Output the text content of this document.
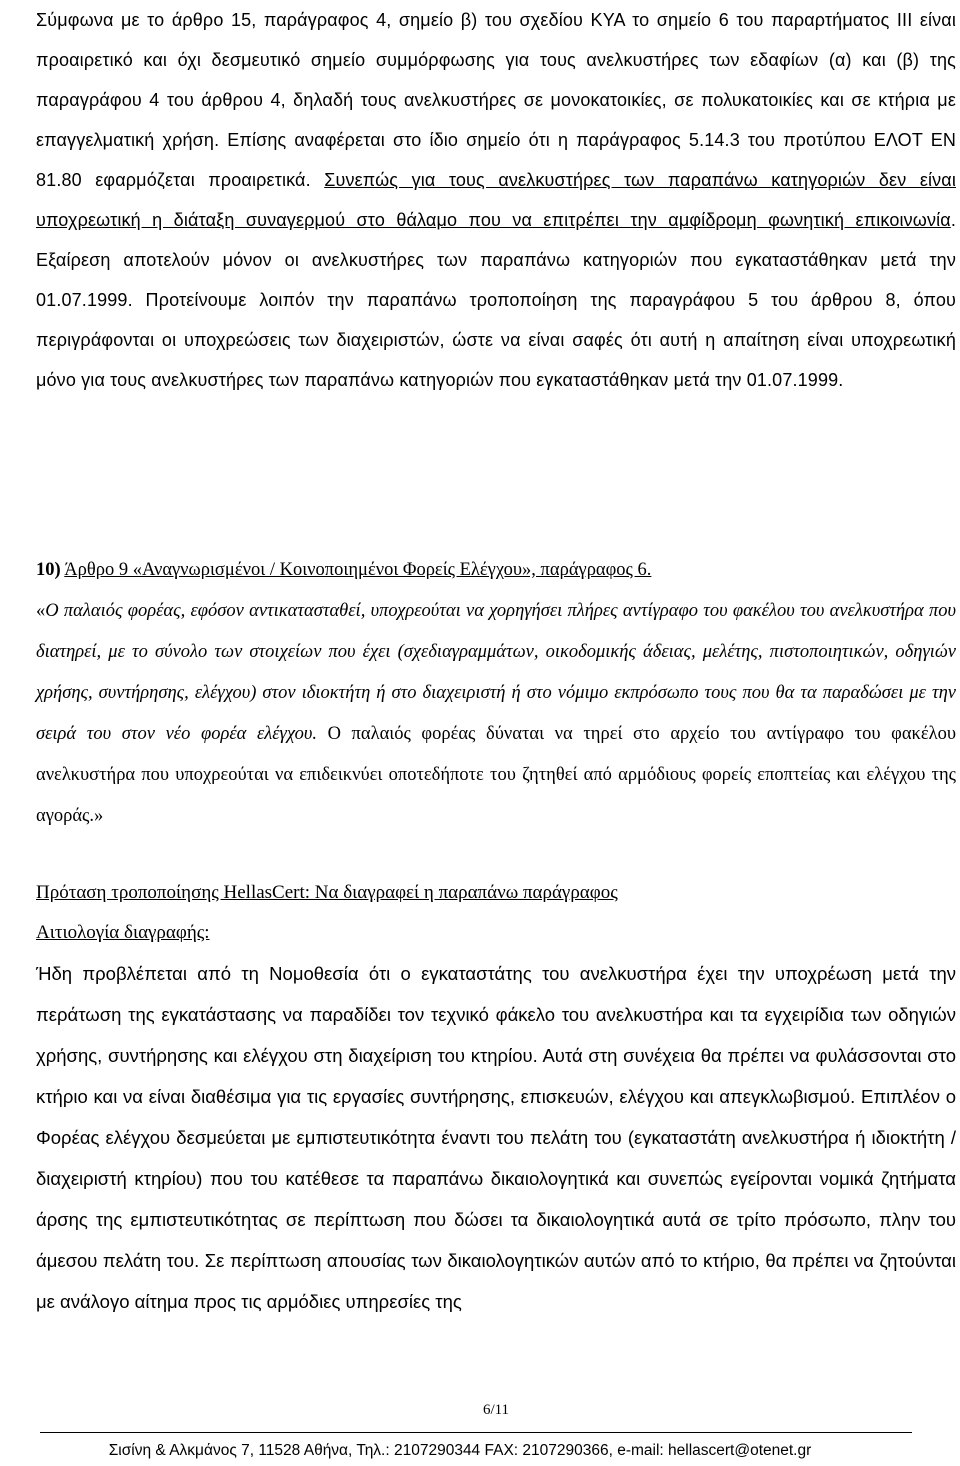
Σύμφωνα με το άρθρο 15, παράγραφος 4, σημείο β) του σχεδίου ΚΥΑ το σημείο 6 του παραρτήματος ΙΙΙ είναι προαιρετικό και όχι δεσμευτικό σημείο συμμόρφωσης για τους ανελκυστήρες των εδαφίων (α) και (β) της παραγράφου 4 του άρθρου 4, δηλαδή τους ανελκυστήρες σε μονοκατοικίες, σε πολυκατοικίες και σε κτήρια με επαγγελματική χρήση. Επίσης αναφέρεται στο ίδιο σημείο ότι η παράγραφος 5.14.3 του προτύπου ΕΛΟΤ ΕΝ 81.80 εφαρμόζεται προαιρετικά. Συνεπώς για τους ανελκυστήρες των παραπάνω κατηγοριών δεν είναι υποχρεωτική η διάταξη συναγερμού στο θάλαμο που να επιτρέπει την αμφίδρομη φωνητική επικοινωνία. Εξαίρεση αποτελούν μόνον οι ανελκυστήρες των παραπάνω κατηγοριών που εγκαταστάθηκαν μετά την 01.07.1999. Προτείνουμε λοιπόν την παραπάνω τροποποίηση της παραγράφου 5 του άρθρου 8, όπου περιγράφονται οι υποχρεώσεις των διαχειριστών, ώστε να είναι σαφές ότι αυτή η απαίτηση είναι υποχρεωτική μόνο για τους ανελκυστήρες των παραπάνω κατηγοριών που εγκαταστάθηκαν μετά την 01.07.1999.

10) Άρθρο 9 «Αναγνωρισμένοι / Κοινοποιημένοι Φορείς Ελέγχου», παράγραφος 6.

«Ο παλαιός φορέας, εφόσον αντικατασταθεί, υποχρεούται να χορηγήσει πλήρες αντίγραφο του φακέλου του ανελκυστήρα που διατηρεί, με το σύνολο των στοιχείων που έχει (σχεδιαγραμμάτων, οικοδομικής άδειας, μελέτης, πιστοποιητικών, οδηγιών χρήσης, συντήρησης, ελέγχου) στον ιδιοκτήτη ή στο διαχειριστή ή στο νόμιμο εκπρόσωπο τους που θα τα παραδώσει με την σειρά του στον νέο φορέα ελέγχου. Ο παλαιός φορέας δύναται να τηρεί στο αρχείο του αντίγραφο του φακέλου ανελκυστήρα που υποχρεούται να επιδεικνύει οποτεδήποτε του ζητηθεί από αρμόδιους φορείς εποπτείας και ελέγχου της αγοράς.»

Πρόταση τροποποίησης HellasCert: Να διαγραφεί η παραπάνω παράγραφος
Αιτιολογία διαγραφής:

Ήδη προβλέπεται από τη Νομοθεσία ότι ο εγκαταστάτης του ανελκυστήρα έχει την υποχρέωση μετά την περάτωση της εγκατάστασης να παραδίδει τον τεχνικό φάκελο του ανελκυστήρα και τα εγχειρίδια των οδηγιών χρήσης, συντήρησης και ελέγχου στη διαχείριση του κτηρίου. Αυτά στη συνέχεια θα πρέπει να φυλάσσονται στο κτήριο και να είναι διαθέσιμα για τις εργασίες συντήρησης, επισκευών, ελέγχου και απεγκλωβισμού. Επιπλέον ο Φορέας ελέγχου δεσμεύεται με εμπιστευτικότητα έναντι του πελάτη του (εγκαταστάτη ανελκυστήρα ή ιδιοκτήτη / διαχειριστή κτηρίου) που του κατέθεσε τα παραπάνω δικαιολογητικά και συνεπώς εγείρονται νομικά ζητήματα άρσης της εμπιστευτικότητας σε περίπτωση που δώσει τα δικαιολογητικά αυτά σε τρίτο πρόσωπο, πλην του άμεσου πελάτη του. Σε περίπτωση απουσίας των δικαιολογητικών αυτών από το κτήριο, θα πρέπει να ζητούνται με ανάλογο αίτημα προς τις αρμόδιες υπηρεσίες της

6/11
Σισίνη & Αλκμάνος 7, 11528 Αθήνα, Τηλ.: 2107290344 FAX: 2107290366, e-mail: hellascert@otenet.gr
